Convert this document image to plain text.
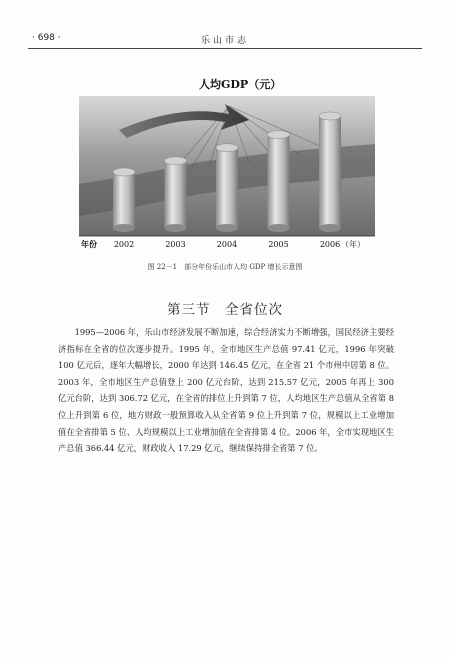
· 698 ·	乐山市志
人均GDP（元）
2002	2003	2004	2005	2006
年份	（年）
图 22－1　部分年份乐山市人均 GDP 增长示意图
第三节　全省位次

1995—2006 年，乐山市经济发展不断加速，综合经济实力不断增强，国民经济主要经济指标在全省的位次逐步提升。1995 年，全市地区生产总值 97.41 亿元，1996 年突破 100 亿元后，逐年大幅增长，2000 年达到 146.45 亿元，在全省 21 个市州中居第 8 位。2003 年，全市地区生产总值登上 200 亿元台阶，达到 215.57 亿元，2005 年再上 300 亿元台阶，达到 306.72 亿元，在全省的排位上升到第 7 位，人均地区生产总值从全省第 8 位上升到第 6 位，地方财政一般预算收入从全省第 9 位上升到第 7 位，规模以上工业增加值在全省排第 5 位、人均规模以上工业增加值在全省排第 4 位。2006 年，全市实现地区生产总值 366.44 亿元，财政收入 17.29 亿元，继续保持排全省第 7 位。
